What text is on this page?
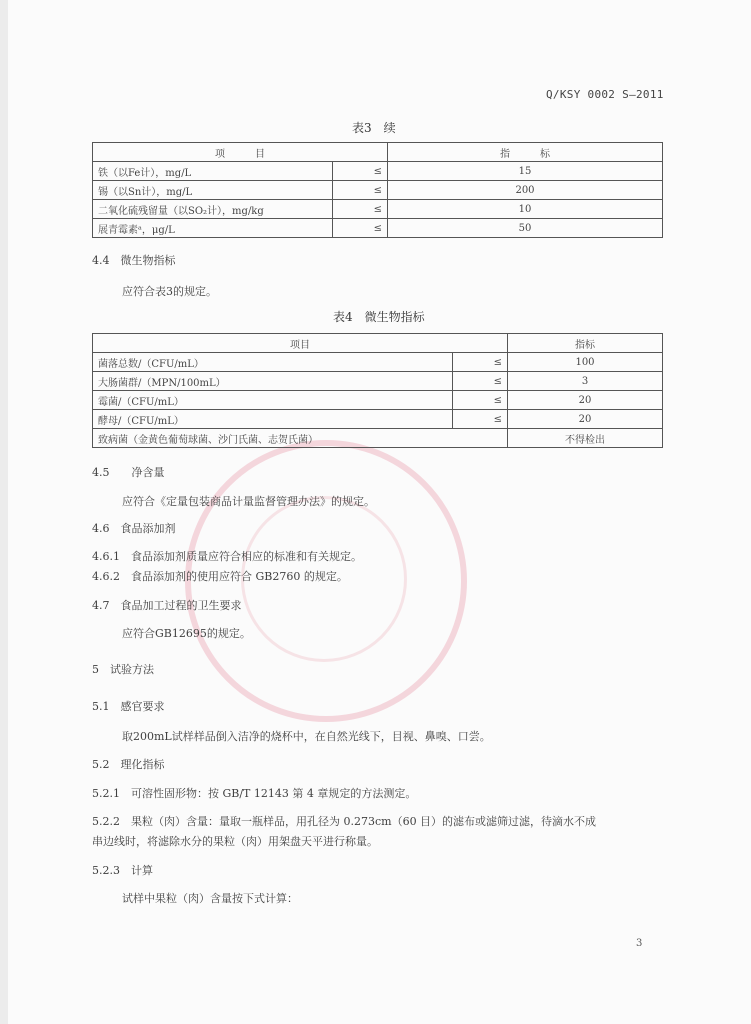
Q/KSY 0002 S—2011
表3　续
项　　　目		指　　　标
铁（以Fe计），mg/L	≤	15
锡（以Sn计），mg/L	≤	200
二氧化硫残留量（以SO₂计），mg/kg	≤	10
展青霉素ᵃ，μg/L	≤	50
4.4　微生物指标
应符合表3的规定。
表4　微生物指标
项目		指标
菌落总数/（CFU/mL）	≤	100
大肠菌群/（MPN/100mL）	≤	3
霉菌/（CFU/mL）	≤	20
酵母/（CFU/mL）	≤	20
致病菌（金黄色葡萄球菌、沙门氏菌、志贺氏菌）		不得检出
4.5　　净含量
应符合《定量包装商品计量监督管理办法》的规定。
4.6　食品添加剂
4.6.1　食品添加剂质量应符合相应的标准和有关规定。
4.6.2　食品添加剂的使用应符合 GB2760 的规定。
4.7　食品加工过程的卫生要求
应符合GB12695的规定。
5　试验方法
5.1　感官要求
取200mL试样样品倒入洁净的烧杯中，在自然光线下，目视、鼻嗅、口尝。
5.2　理化指标
5.2.1　可溶性固形物：按 GB/T 12143 第 4 章规定的方法测定。
5.2.2　果粒（肉）含量：量取一瓶样品，用孔径为 0.273cm（60 目）的滤布或滤筛过滤，待滴水不成
串边线时，将滤除水分的果粒（肉）用架盘天平进行称量。
5.2.3　计算
试样中果粒（肉）含量按下式计算：
3
